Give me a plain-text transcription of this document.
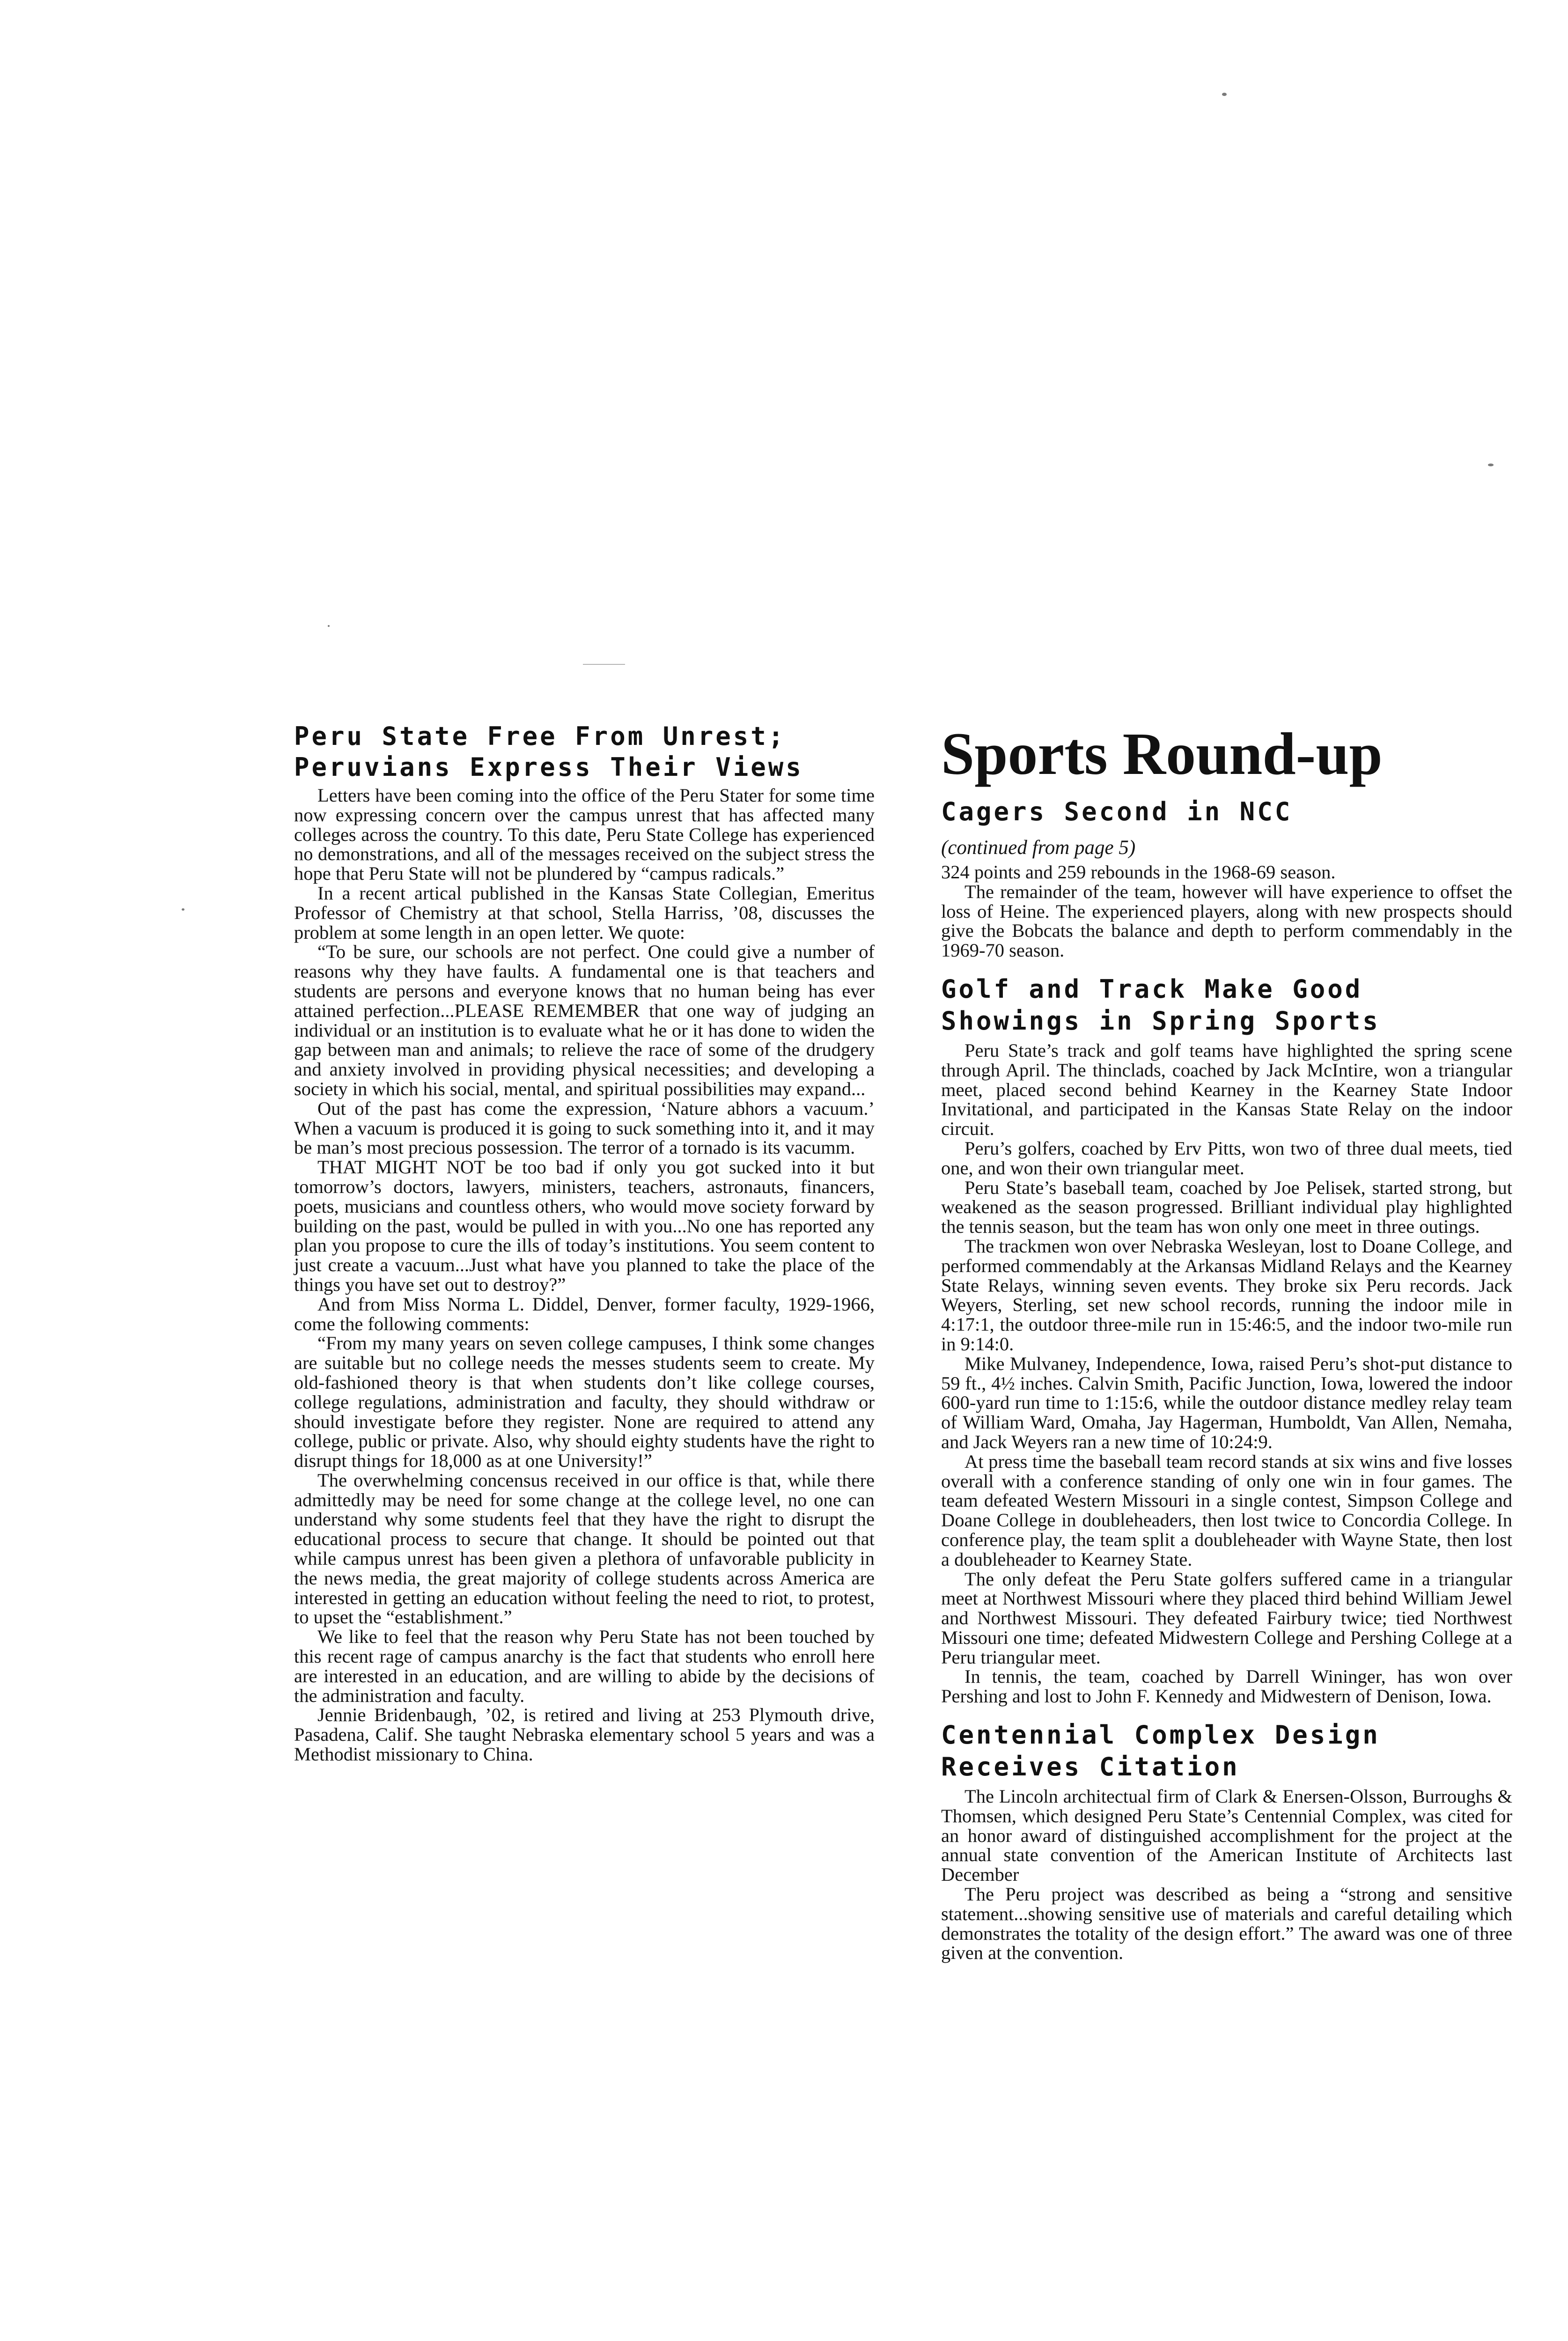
Peru State Free From Unrest;
Peruvians Express Their Views

Letters have been coming into the office of the Peru Stater for some time now expressing concern over the campus unrest that has affected many colleges across the country. To this date, Peru State College has experienced no demonstrations, and all of the messages received on the subject stress the hope that Peru State will not be plundered by “campus radicals.”

In a recent artical published in the Kansas State Collegian, Emeritus Professor of Chemistry at that school, Stella Harriss, ’08, discusses the problem at some length in an open letter. We quote:

“To be sure, our schools are not perfect. One could give a number of reasons why they have faults. A fundamental one is that teachers and students are persons and everyone knows that no human being has ever attained perfection...PLEASE REMEMBER that one way of judging an individual or an institution is to evaluate what he or it has done to widen the gap between man and animals; to relieve the race of some of the drudgery and anxiety involved in providing physical necessities; and developing a society in which his social, mental, and spiritual possibilities may expand...

Out of the past has come the expression, ‘Nature abhors a vacuum.’ When a vacuum is produced it is going to suck something into it, and it may be man’s most precious possession. The terror of a tornado is its vacumm.

THAT MIGHT NOT be too bad if only you got sucked into it but tomorrow’s doctors, lawyers, ministers, teachers, astronauts, financers, poets, musicians and countless others, who would move society forward by building on the past, would be pulled in with you...No one has reported any plan you propose to cure the ills of today’s institutions. You seem content to just create a vacuum...Just what have you planned to take the place of the things you have set out to destroy?”

And from Miss Norma L. Diddel, Denver, former faculty, 1929-1966, come the following comments:

“From my many years on seven college campuses, I think some changes are suitable but no college needs the messes students seem to create. My old-fashioned theory is that when students don’t like college courses, college regulations, administration and faculty, they should withdraw or should investigate before they register. None are required to attend any college, public or private. Also, why should eighty students have the right to disrupt things for 18,000 as at one University!”

The overwhelming concensus received in our office is that, while there admittedly may be need for some change at the college level, no one can understand why some students feel that they have the right to disrupt the educational process to secure that change. It should be pointed out that while campus unrest has been given a plethora of unfavorable publicity in the news media, the great majority of college students across America are interested in getting an education without feeling the need to riot, to protest, to upset the “establishment.”

We like to feel that the reason why Peru State has not been touched by this recent rage of campus anarchy is the fact that students who enroll here are interested in an education, and are willing to abide by the decisions of the administration and faculty.

Jennie Bridenbaugh, ’02, is retired and living at 253 Plymouth drive, Pasadena, Calif. She taught Nebraska elementary school 5 years and was a Methodist missionary to China.

Sports Round-up
Cagers Second in NCC
(continued from page 5)

324 points and 259 rebounds in the 1968-69 season.

The remainder of the team, however will have experience to offset the loss of Heine. The experienced players, along with new prospects should give the Bobcats the balance and depth to perform commendably in the 1969-70 season.

Golf and Track Make Good
Showings in Spring Sports

Peru State’s track and golf teams have highlighted the spring scene through April. The thinclads, coached by Jack McIntire, won a triangular meet, placed second behind Kearney in the Kearney State Indoor Invitational, and participated in the Kansas State Relay on the indoor circuit.

Peru’s golfers, coached by Erv Pitts, won two of three dual meets, tied one, and won their own triangular meet.

Peru State’s baseball team, coached by Joe Pelisek, started strong, but weakened as the season progressed. Brilliant individual play highlighted the tennis season, but the team has won only one meet in three outings.

The trackmen won over Nebraska Wesleyan, lost to Doane College, and performed commendably at the Arkansas Midland Relays and the Kearney State Relays, winning seven events. They broke six Peru records. Jack Weyers, Sterling, set new school records, running the indoor mile in 4:17:1, the outdoor three-mile run in 15:46:5, and the indoor two-mile run in 9:14:0.

Mike Mulvaney, Independence, Iowa, raised Peru’s shot-put distance to 59 ft., 4½ inches. Calvin Smith, Pacific Junction, Iowa, lowered the indoor 600-yard run time to 1:15:6, while the outdoor distance medley relay team of William Ward, Omaha, Jay Hagerman, Humboldt, Van Allen, Nemaha, and Jack Weyers ran a new time of 10:24:9.

At press time the baseball team record stands at six wins and five losses overall with a conference standing of only one win in four games. The team defeated Western Missouri in a single contest, Simpson College and Doane College in doubleheaders, then lost twice to Concordia College. In conference play, the team split a doubleheader with Wayne State, then lost a doubleheader to Kearney State.

The only defeat the Peru State golfers suffered came in a triangular meet at Northwest Missouri where they placed third behind William Jewel and Northwest Missouri. They defeated Fairbury twice; tied Northwest Missouri one time; defeated Midwestern College and Pershing College at a Peru triangular meet.

In tennis, the team, coached by Darrell Wininger, has won over Pershing and lost to John F. Kennedy and Midwestern of Denison, Iowa.

Centennial Complex Design
Receives Citation

The Lincoln architectual firm of Clark & Enersen-Olsson, Burroughs & Thomsen, which designed Peru State’s Centennial Complex, was cited for an honor award of distinguished accomplishment for the project at the annual state convention of the American Institute of Architects last December

The Peru project was described as being a “strong and sensitive statement...showing sensitive use of materials and careful detailing which demonstrates the totality of the design effort.” The award was one of three given at the convention.
